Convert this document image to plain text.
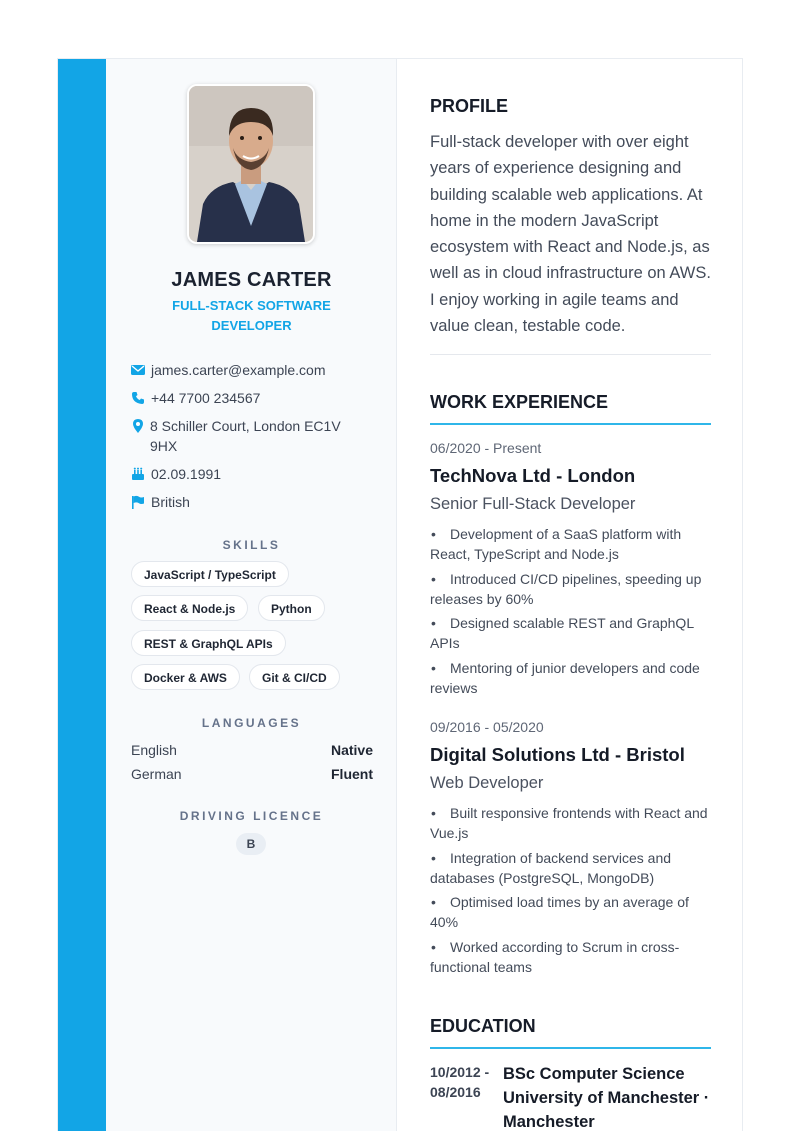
JAMES CARTER
FULL-STACK SOFTWARE DEVELOPER
james.carter@example.com
+44 7700 234567
8 Schiller Court, London EC1V 9HX
02.09.1991
British
SKILLS
JavaScript / TypeScript
React & Node.js	Python
REST & GraphQL APIs
Docker & AWS	Git & CI/CD
LANGUAGES
English	Native
German	Fluent
DRIVING LICENCE
B
PROFILE
Full-stack developer with over eight years of experience designing and building scalable web applications. At home in the modern JavaScript ecosystem with React and Node.js, as well as in cloud infrastructure on AWS. I enjoy working in agile teams and value clean, testable code.
WORK EXPERIENCE
06/2020 - Present
TechNova Ltd - London
Senior Full-Stack Developer
• Development of a SaaS platform with React, TypeScript and Node.js
• Introduced CI/CD pipelines, speeding up releases by 60%
• Designed scalable REST and GraphQL APIs
• Mentoring of junior developers and code reviews
09/2016 - 05/2020
Digital Solutions Ltd - Bristol
Web Developer
• Built responsive frontends with React and Vue.js
• Integration of backend services and databases (PostgreSQL, MongoDB)
• Optimised load times by an average of 40%
• Worked according to Scrum in cross-functional teams
EDUCATION
10/2012 - 08/2016
BSc Computer Science University of Manchester · Manchester
